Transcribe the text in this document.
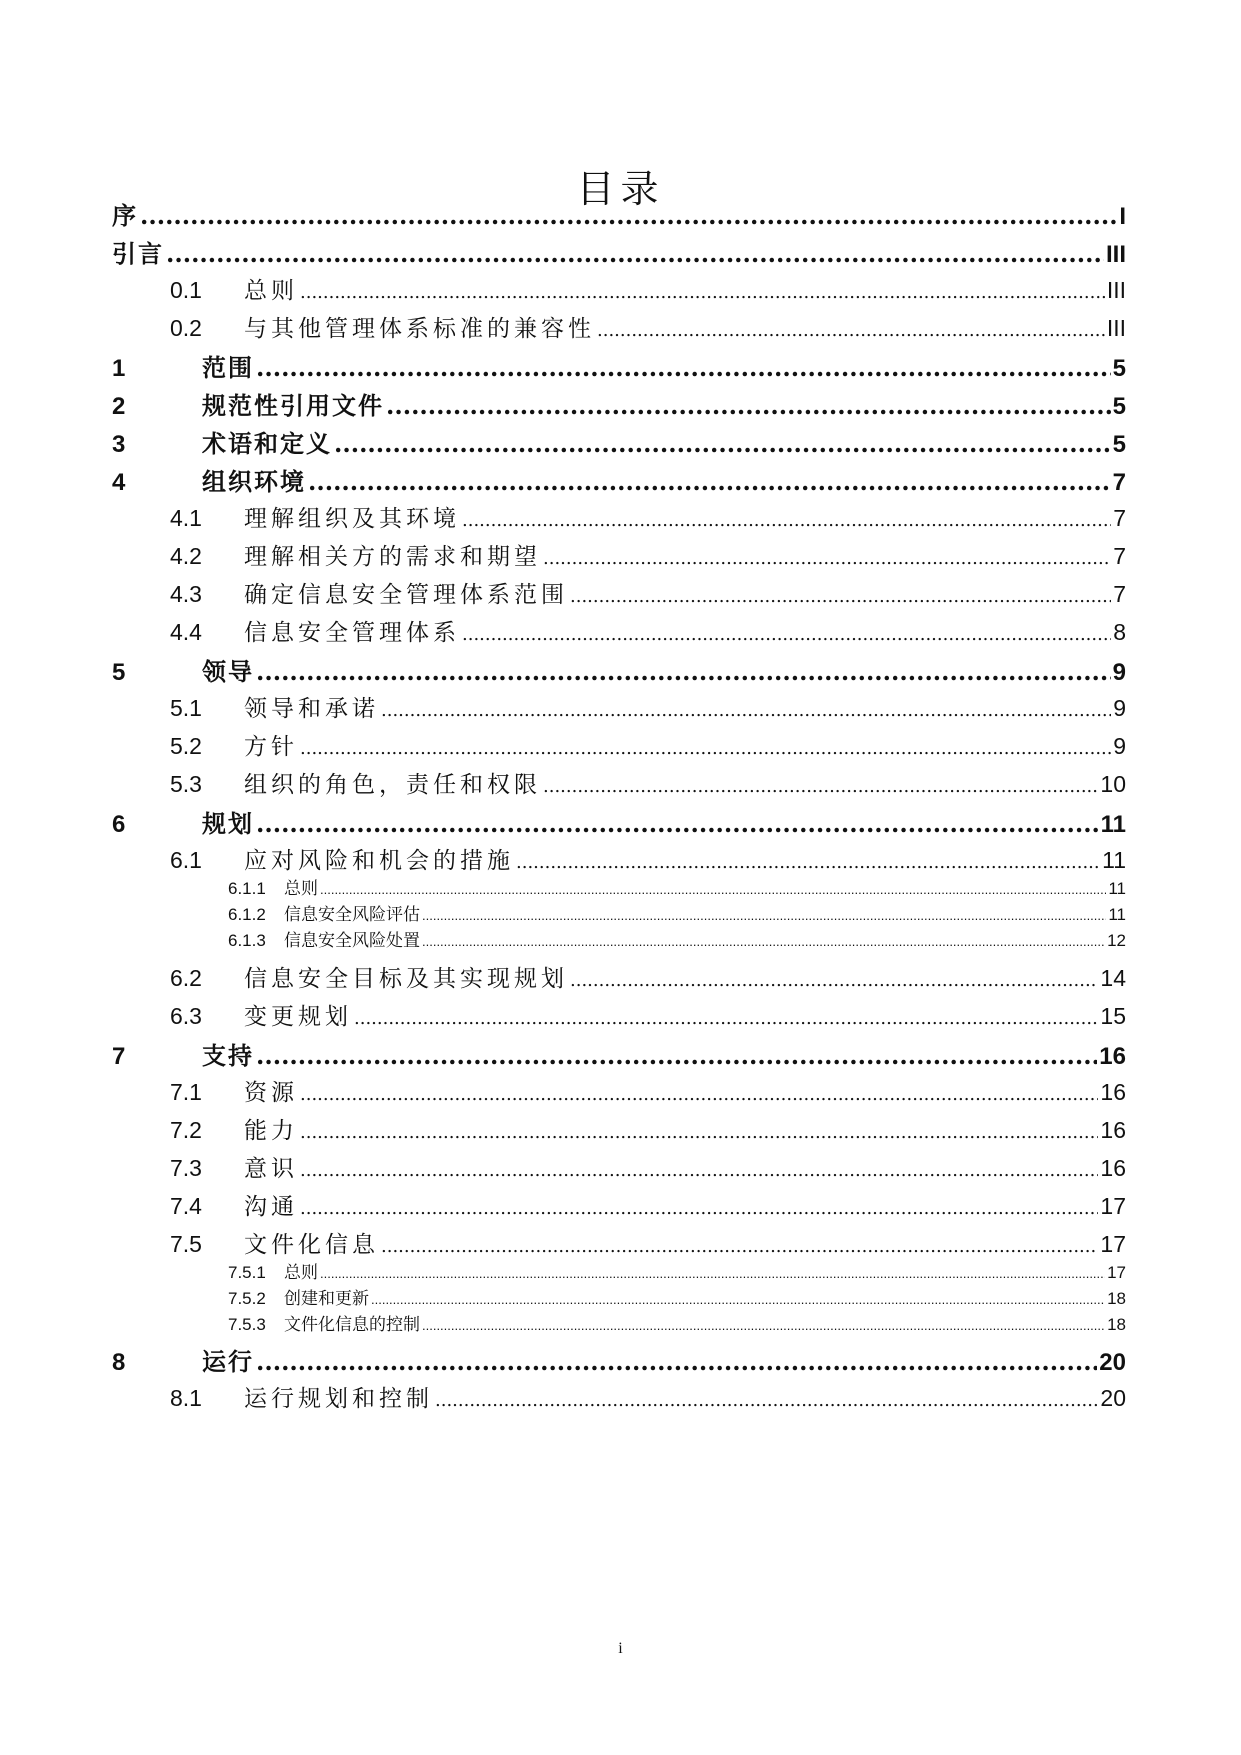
目录
序 .....	I
引言 .....	III
0.1	总则 .....	III
0.2	与其他管理体系标准的兼容性 .....	III
1	范围 .....	5
2	规范性引用文件 .....	5
3	术语和定义 .....	5
4	组织环境 .....	7
4.1	理解组织及其环境 .....	7
4.2	理解相关方的需求和期望 .....	7
4.3	确定信息安全管理体系范围 .....	7
4.4	信息安全管理体系 .....	8
5	领导 .....	9
5.1	领导和承诺 .....	9
5.2	方针 .....	9
5.3	组织的角色，责任和权限 .....	10
6	规划 .....	11
6.1	应对风险和机会的措施 .....	11
6.1.1	总则 .....	11
6.1.2	信息安全风险评估 .....	11
6.1.3	信息安全风险处置 .....	12
6.2	信息安全目标及其实现规划 .....	14
6.3	变更规划 .....	15
7	支持 .....	16
7.1	资源 .....	16
7.2	能力 .....	16
7.3	意识 .....	16
7.4	沟通 .....	17
7.5	文件化信息 .....	17
7.5.1	总则 .....	17
7.5.2	创建和更新 .....	18
7.5.3	文件化信息的控制 .....	18
8	运行 .....	20
8.1	运行规划和控制 .....	20
i
